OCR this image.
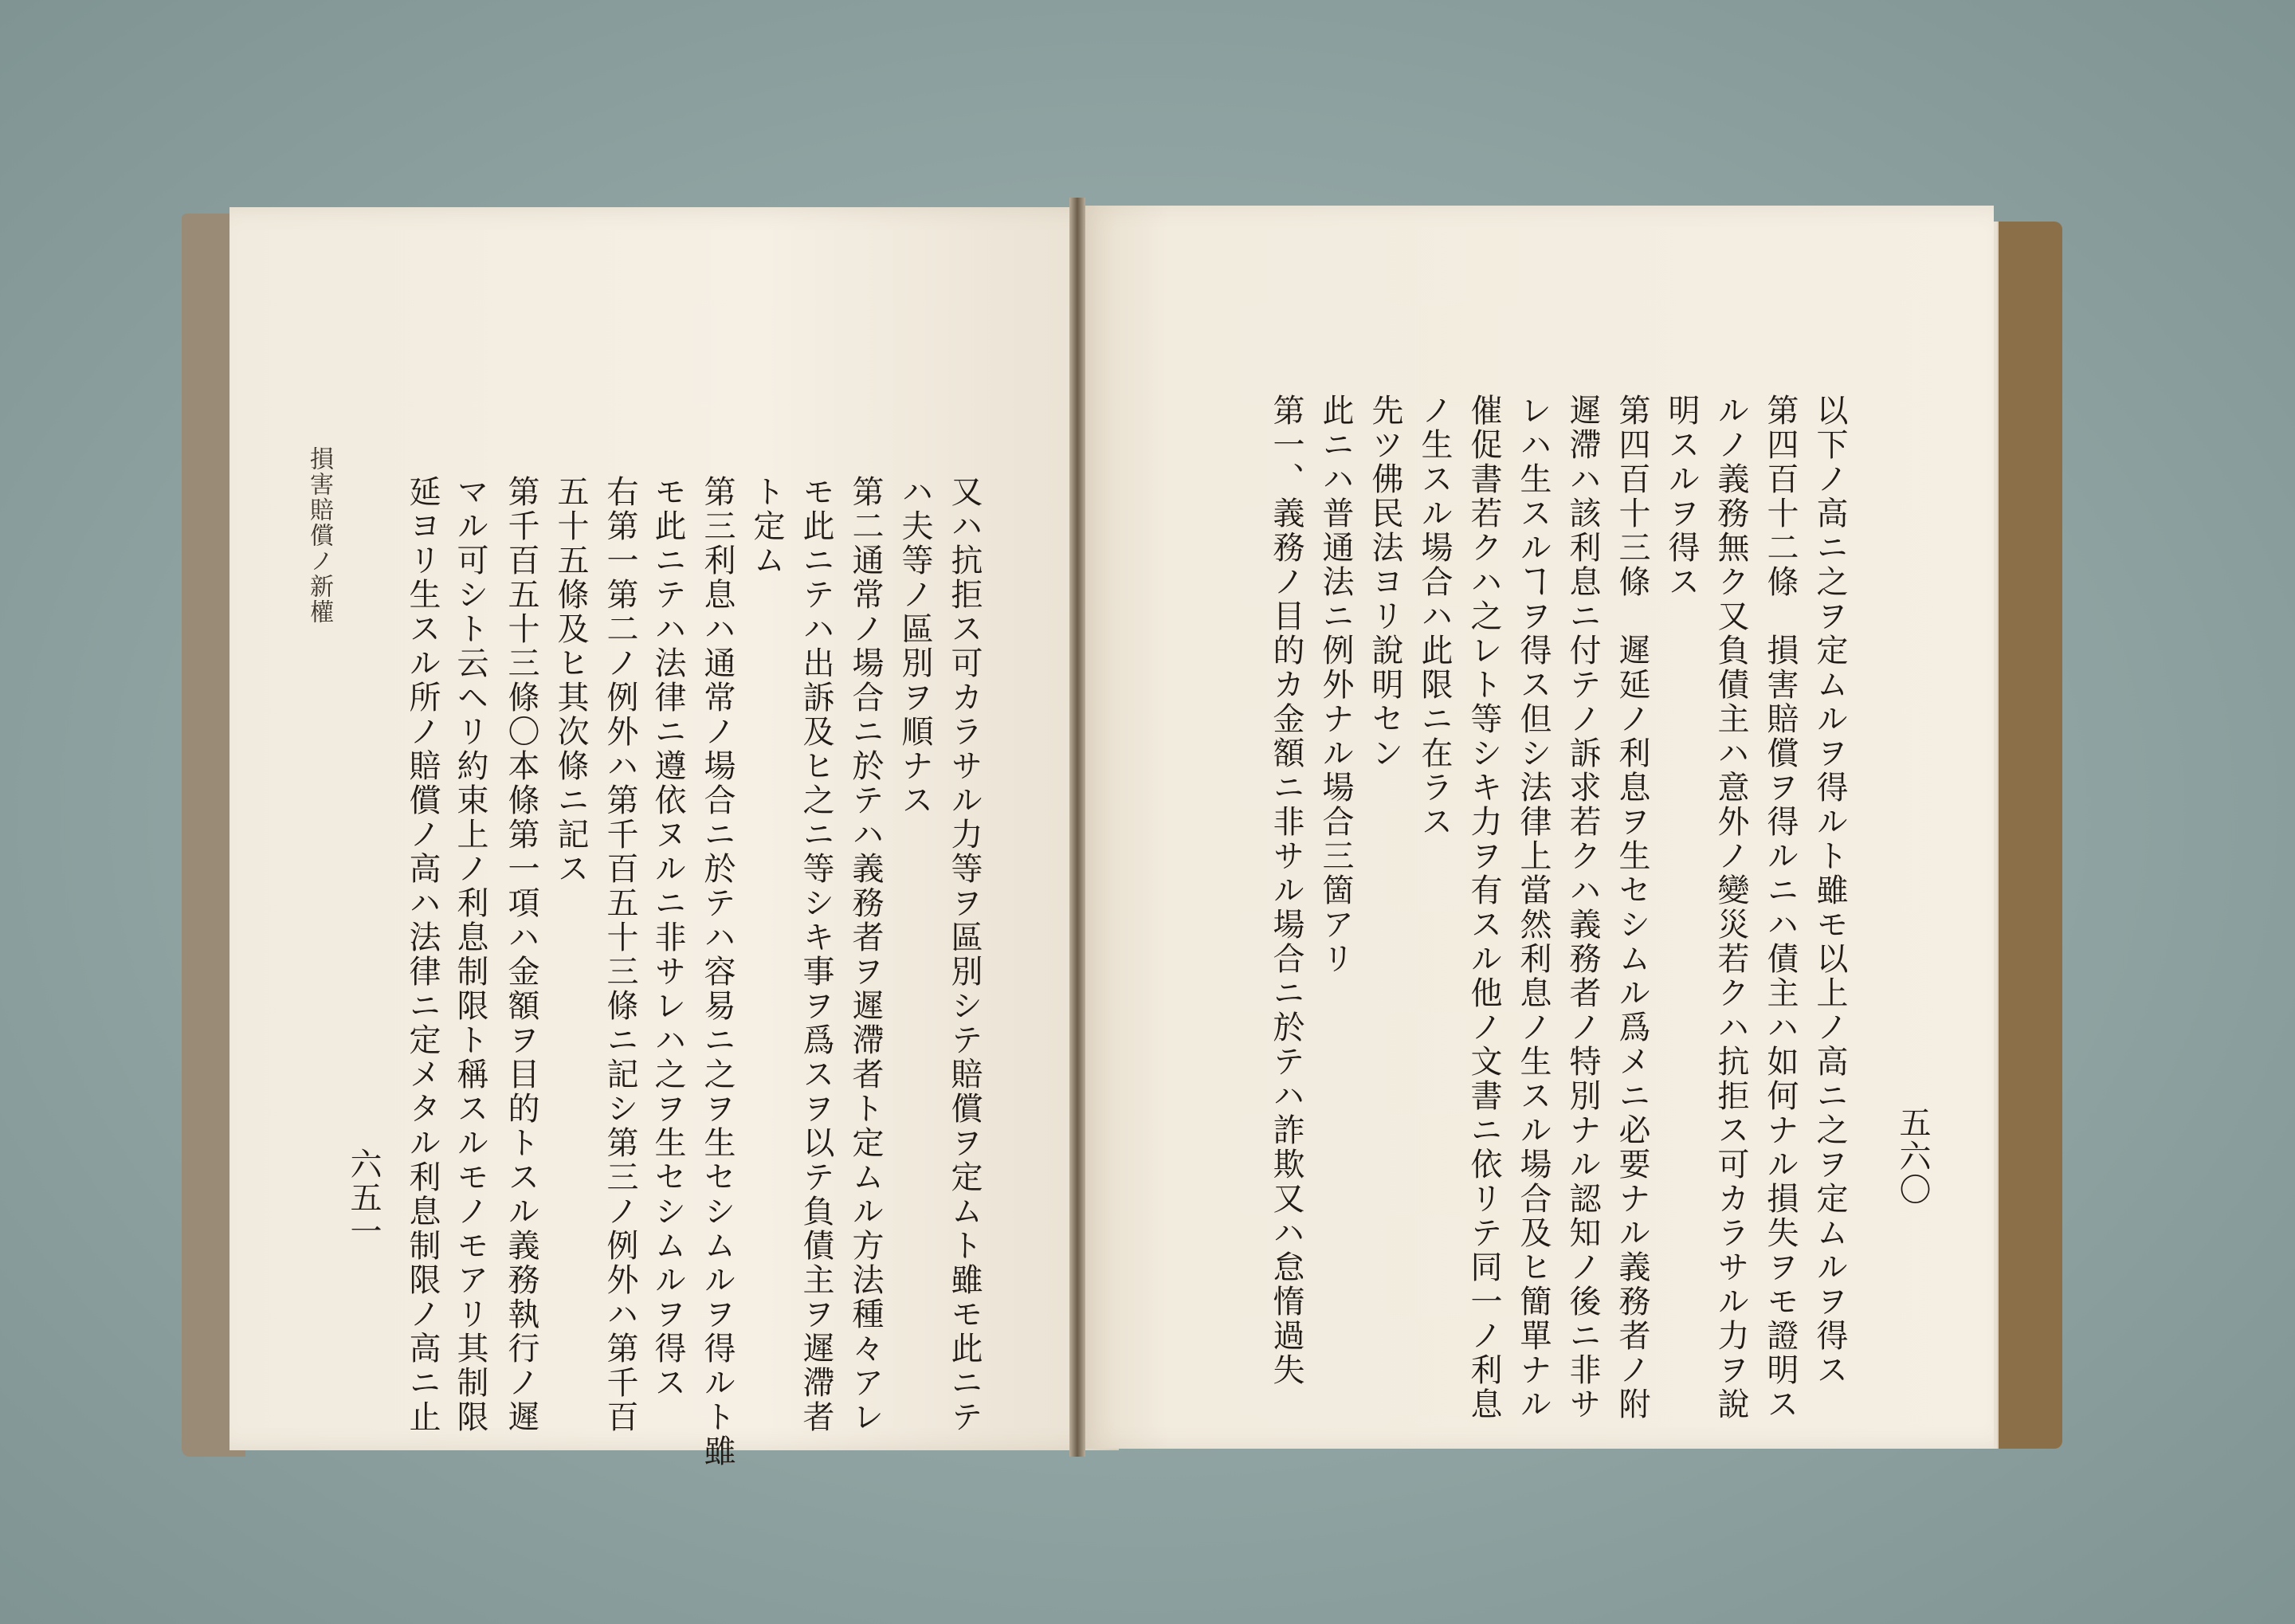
損害賠償ノ新權
六五一 延ヨリ生スル所ノ賠償ノ高ハ法律ニ定メタル利息制限ノ高ニ止 マル可シト云ヘリ約束上ノ利息制限ト稱スルモノモアリ其制限 第千百五十三條〇本條第一項ハ金額ヲ目的トスル義務執行ノ遲 五十五條及ヒ其次條ニ記ス 右第一第二ノ例外ハ第千百五十三條ニ記シ第三ノ例外ハ第千百 モ此ニテハ法律ニ遵依ヌルニ非サレハ之ヲ生セシムルヲ得ス 第三利息ハ通常ノ場合ニ於テハ容易ニ之ヲ生セシムルヲ得ルト雖 ト定ム モ此ニテハ出訴及ヒ之ニ等シキ事ヲ爲スヲ以テ負債主ヲ遲滯者 第二通常ノ場合ニ於テハ義務者ヲ遲滯者ト定ムル方法種々アレ ハ夫等ノ區別ヲ順ナス 又ハ抗拒ス可カラサル力等ヲ區別シテ賠償ヲ定ムト雖モ此ニテ	第一、義務ノ目的カ金額ニ非サル場合ニ於テハ詐欺又ハ怠惰過失 此ニハ普通法ニ例外ナル場合三箇アリ 先ツ佛民法ヨリ說明セン ノ生スル場合ハ此限ニ在ラス 催促書若クハ之レト等シキ力ヲ有スル他ノ文書ニ依リテ同一ノ利息 レハ生スルヿヲ得ス但シ法律上當然利息ノ生スル場合及ヒ簡單ナル 遲滯ハ該利息ニ付テノ訴求若クハ義務者ノ特別ナル認知ノ後ニ非サ 第四百十三條　遲延ノ利息ヲ生セシムル爲メニ必要ナル義務者ノ附 明スルヲ得ス ルノ義務無ク又負債主ハ意外ノ變災若クハ抗拒ス可カラサル力ヲ說 第四百十二條　損害賠償ヲ得ルニハ債主ハ如何ナル損失ヲモ證明ス 以下ノ高ニ之ヲ定ムルヲ得ルト雖モ以上ノ高ニ之ヲ定ムルヲ得ス 五六〇
